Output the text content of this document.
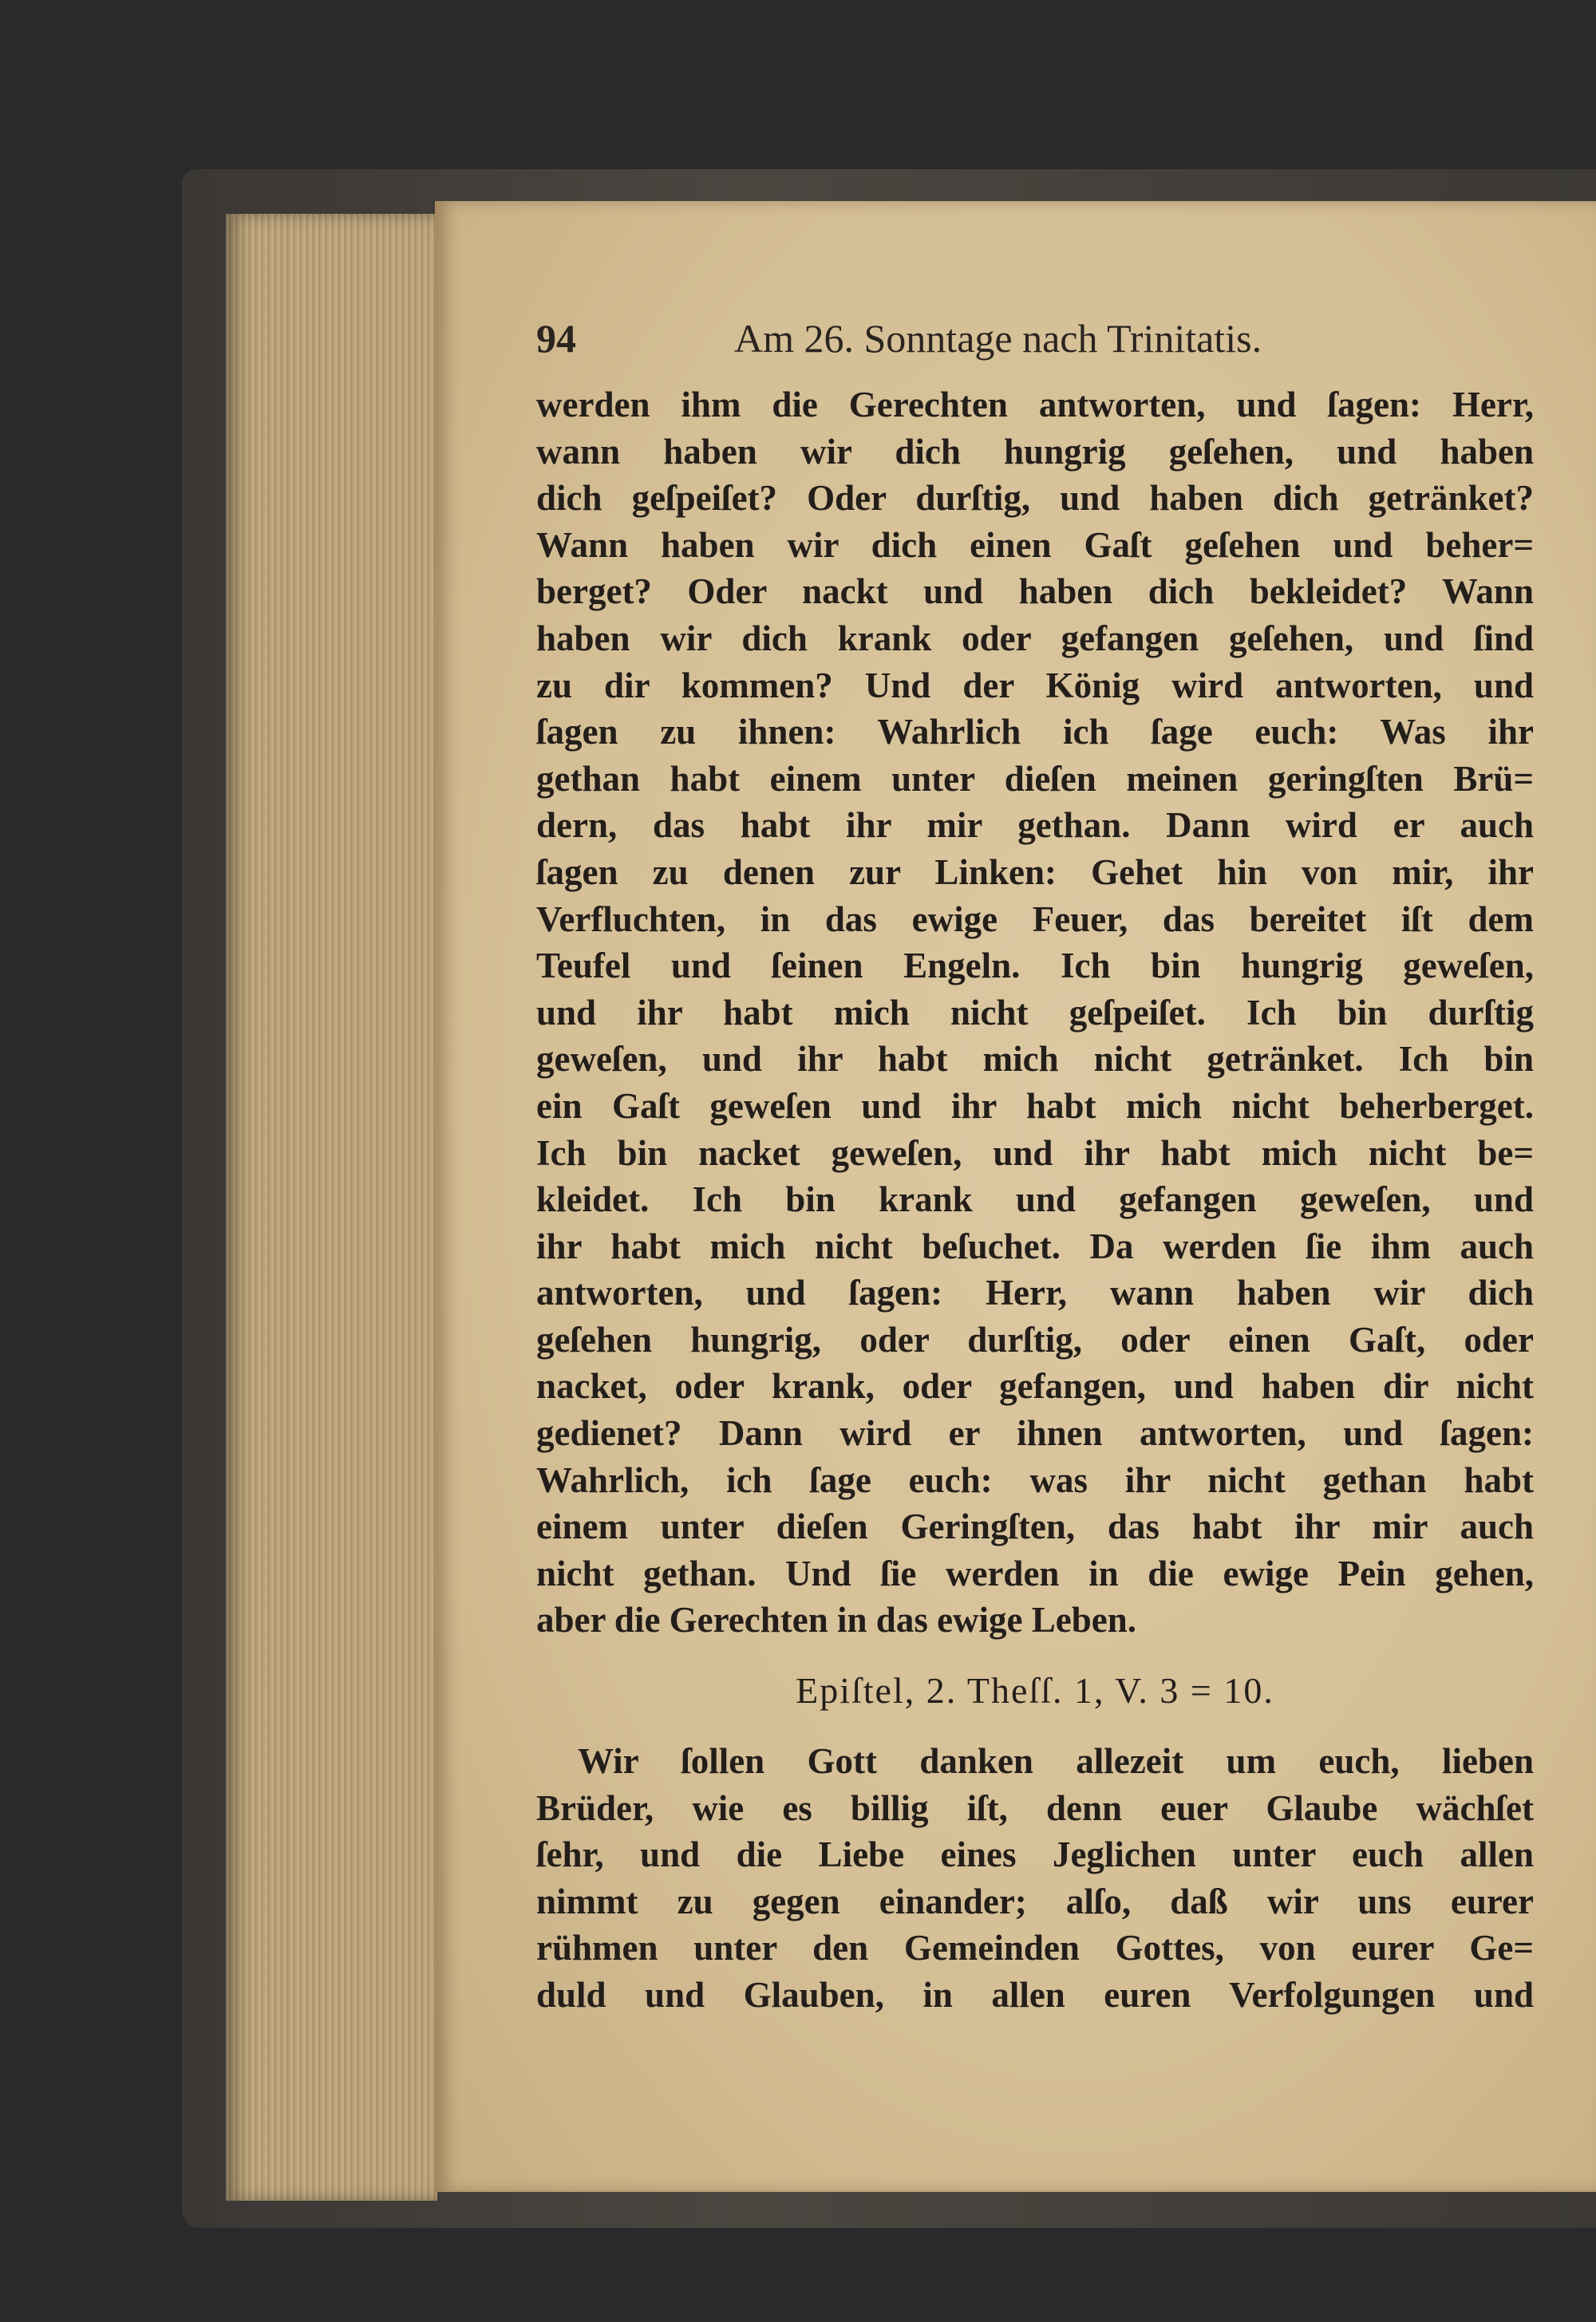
94	Am 26. Sonntage nach Trinitatis.
werden ihm die Gerechten antworten, und ſagen: Herr,
wann haben wir dich hungrig geſehen, und haben
dich geſpeiſet? Oder durſtig, und haben dich getränket?
Wann haben wir dich einen Gaſt geſehen und beher=
berget? Oder nackt und haben dich bekleidet? Wann
haben wir dich krank oder gefangen geſehen, und ſind
zu dir kommen? Und der König wird antworten, und
ſagen zu ihnen: Wahrlich ich ſage euch: Was ihr
gethan habt einem unter dieſen meinen geringſten Brü=
dern, das habt ihr mir gethan. Dann wird er auch
ſagen zu denen zur Linken: Gehet hin von mir, ihr
Verfluchten, in das ewige Feuer, das bereitet iſt dem
Teufel und ſeinen Engeln. Ich bin hungrig geweſen,
und ihr habt mich nicht geſpeiſet. Ich bin durſtig
geweſen, und ihr habt mich nicht getränket. Ich bin
ein Gaſt geweſen und ihr habt mich nicht beherberget.
Ich bin nacket geweſen, und ihr habt mich nicht be=
kleidet. Ich bin krank und gefangen geweſen, und
ihr habt mich nicht beſuchet. Da werden ſie ihm auch
antworten, und ſagen: Herr, wann haben wir dich
geſehen hungrig, oder durſtig, oder einen Gaſt, oder
nacket, oder krank, oder gefangen, und haben dir nicht
gedienet? Dann wird er ihnen antworten, und ſagen:
Wahrlich, ich ſage euch: was ihr nicht gethan habt
einem unter dieſen Geringſten, das habt ihr mir auch
nicht gethan. Und ſie werden in die ewige Pein gehen,
aber die Gerechten in das ewige Leben.
Epiſtel, 2. Theſſ. 1, V. 3 = 10.
Wir ſollen Gott danken allezeit um euch, lieben
Brüder, wie es billig iſt, denn euer Glaube wächſet
ſehr, und die Liebe eines Jeglichen unter euch allen
nimmt zu gegen einander; alſo, daß wir uns eurer
rühmen unter den Gemeinden Gottes, von eurer Ge=
duld und Glauben, in allen euren Verfolgungen und
